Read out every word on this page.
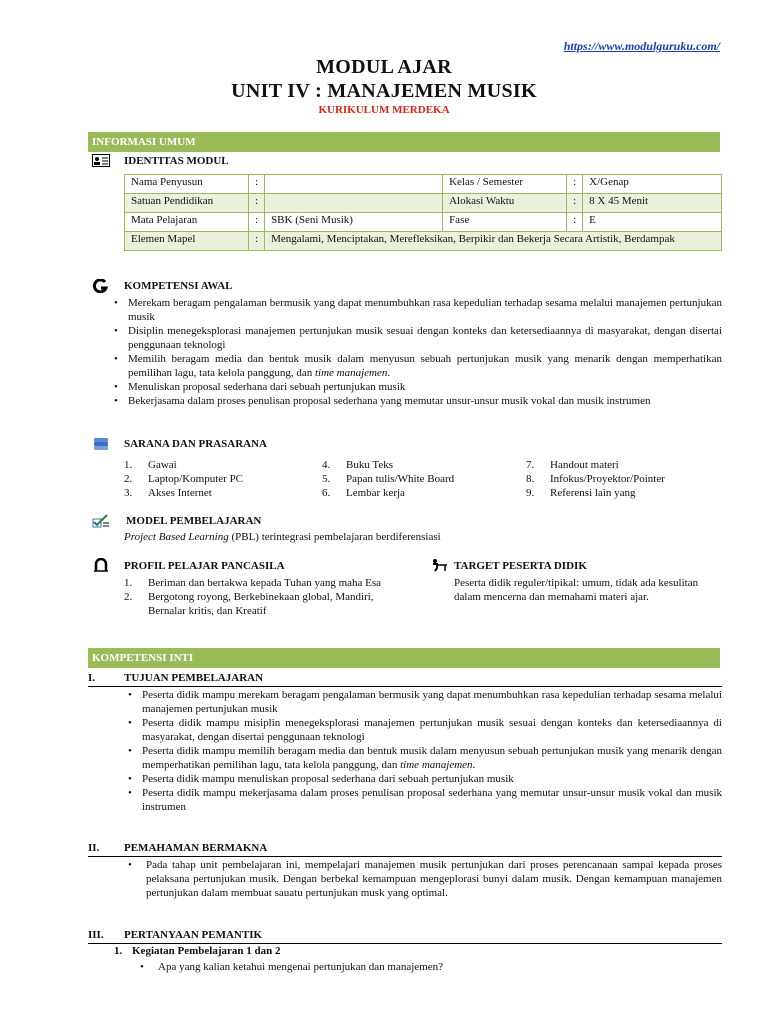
https://www.modulguruku.com/
MODUL AJAR
UNIT IV : MANAJEMEN MUSIK
KURIKULUM MERDEKA
INFORMASI UMUM
IDENTITAS MODUL
Nama Penyusun	:		Kelas / Semester	:	X/Genap
Satuan Pendidikan	:		Alokasi Waktu	:	8 X 45 Menit
Mata Pelajaran	:	SBK (Seni Musik)	Fase	:	E
Elemen Mapel	:	Mengalami, Menciptakan, Merefleksikan, Berpikir dan Bekerja Secara Artistik, Berdampak			
KOMPETENSI AWAL
• Merekam beragam pengalaman bermusik yang dapat menumbuhkan rasa kepedulian terhadap sesama melalui manajemen pertunjukan musik
• Disiplin menegeksplorasi manajemen pertunjukan musik sesuai dengan konteks dan ketersediaannya di masyarakat, dengan disertai penggunaan teknologi
• Memilih beragam media dan bentuk musik dalam menyusun sebuah pertunjukan musik yang menarik dengan memperhatikan pemilihan lagu, tata kelola panggung, dan time manajemen.
• Menuliskan proposal sederhana dari sebuah pertunjukan musik
• Bekerjasama dalam proses penulisan proposal sederhana yang memutar unsur-unsur musik vokal dan musik instrumen
SARANA DAN PRASARANA
1. Gawai
2. Laptop/Komputer PC
3. Akses Internet
4. Buku Teks
5. Papan tulis/White Board
6. Lembar kerja
7. Handout materi
8. Infokus/Proyektor/Pointer
9. Referensi lain yang
MODEL PEMBELAJARAN
Project Based Learning (PBL) terintegrasi pembelajaran berdiferensiasi
PROFIL PELAJAR PANCASILA
1. Beriman dan bertakwa kepada Tuhan yang maha Esa
2. Bergotong royong, Berkebinekaan global, Mandiri, Bernalar kritis, dan Kreatif
TARGET PESERTA DIDIK
Peserta didik reguler/tipikal: umum, tidak ada kesulitan dalam mencerna dan memahami materi ajar.
KOMPETENSI INTI
I.	TUJUAN PEMBELAJARAN
• Peserta didik mampu merekam beragam pengalaman bermusik yang dapat menumbuhkan rasa kepedulian terhadap sesama melalui manajemen pertunjukan musik
• Peserta didik mampu misiplin menegeksplorasi manajemen pertunjukan musik sesuai dengan konteks dan ketersediaannya di masyarakat, dengan disertai penggunaan teknologi
• Peserta didik mampu memilih beragam media dan bentuk musik dalam menyusun sebuah pertunjukan musik yang menarik dengan memperhatikan pemilihan lagu, tata kelola panggung, dan time manajemen.
• Peserta didik mampu menuliskan proposal sederhana dari sebuah pertunjukan musik
• Peserta didik mampu mekerjasama dalam proses penulisan proposal sederhana yang memutar unsur-unsur musik vokal dan musik instrumen
II. PEMAHAMAN BERMAKNA
• Pada tahap unit pembelajaran ini, mempelajari manajemen musik pertunjukan dari proses perencanaan sampai kepada proses pelaksana pertunjukan musik. Dengan berbekal kemampuan mengeplorasi bunyi dalam musik. Dengan kemampuan manajemen pertunjukan dalam membuat sauatu pertunjukan musk yang optimal.
III. PERTANYAAN PEMANTIK
1. Kegiatan Pembelajaran 1 dan 2
• Apa yang kalian ketahui mengenai pertunjukan dan manajemen?
